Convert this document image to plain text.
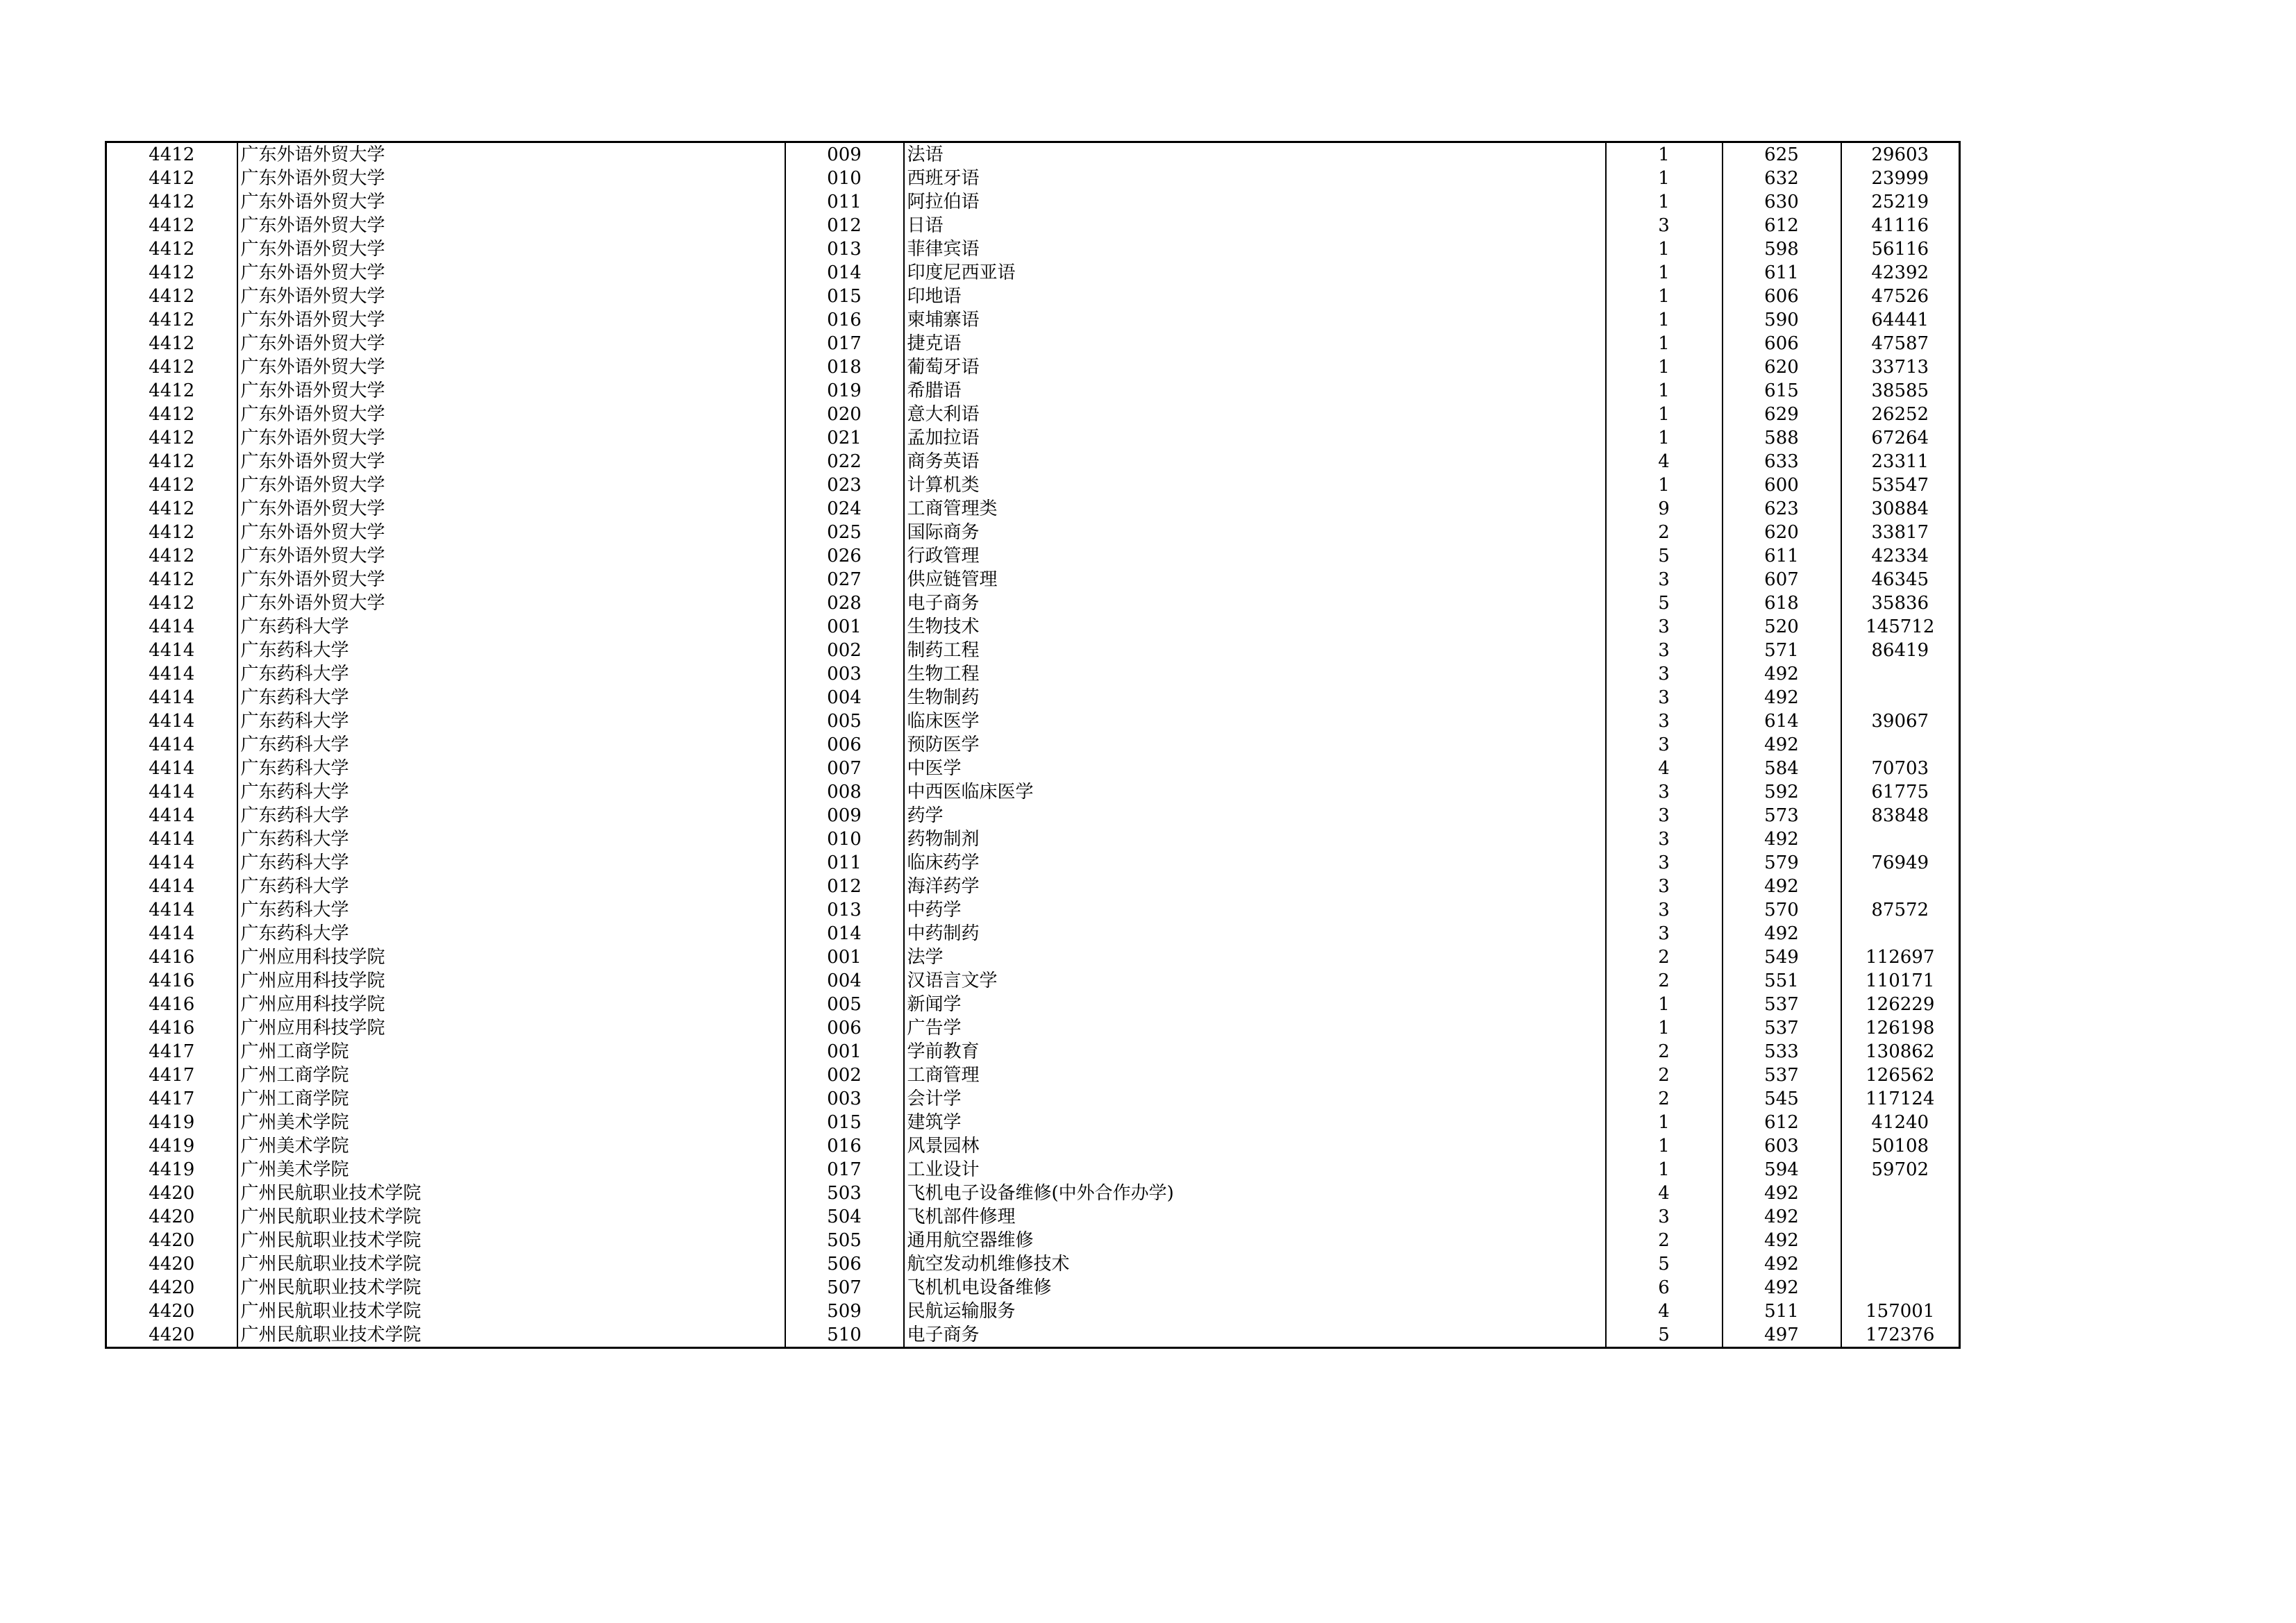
4412	广东外语外贸大学	009	法语	1	625	29603
4412	广东外语外贸大学	010	西班牙语	1	632	23999
4412	广东外语外贸大学	011	阿拉伯语	1	630	25219
4412	广东外语外贸大学	012	日语	3	612	41116
4412	广东外语外贸大学	013	菲律宾语	1	598	56116
4412	广东外语外贸大学	014	印度尼西亚语	1	611	42392
4412	广东外语外贸大学	015	印地语	1	606	47526
4412	广东外语外贸大学	016	柬埔寨语	1	590	64441
4412	广东外语外贸大学	017	捷克语	1	606	47587
4412	广东外语外贸大学	018	葡萄牙语	1	620	33713
4412	广东外语外贸大学	019	希腊语	1	615	38585
4412	广东外语外贸大学	020	意大利语	1	629	26252
4412	广东外语外贸大学	021	孟加拉语	1	588	67264
4412	广东外语外贸大学	022	商务英语	4	633	23311
4412	广东外语外贸大学	023	计算机类	1	600	53547
4412	广东外语外贸大学	024	工商管理类	9	623	30884
4412	广东外语外贸大学	025	国际商务	2	620	33817
4412	广东外语外贸大学	026	行政管理	5	611	42334
4412	广东外语外贸大学	027	供应链管理	3	607	46345
4412	广东外语外贸大学	028	电子商务	5	618	35836
4414	广东药科大学	001	生物技术	3	520	145712
4414	广东药科大学	002	制药工程	3	571	86419
4414	广东药科大学	003	生物工程	3	492	
4414	广东药科大学	004	生物制药	3	492	
4414	广东药科大学	005	临床医学	3	614	39067
4414	广东药科大学	006	预防医学	3	492	
4414	广东药科大学	007	中医学	4	584	70703
4414	广东药科大学	008	中西医临床医学	3	592	61775
4414	广东药科大学	009	药学	3	573	83848
4414	广东药科大学	010	药物制剂	3	492	
4414	广东药科大学	011	临床药学	3	579	76949
4414	广东药科大学	012	海洋药学	3	492	
4414	广东药科大学	013	中药学	3	570	87572
4414	广东药科大学	014	中药制药	3	492	
4416	广州应用科技学院	001	法学	2	549	112697
4416	广州应用科技学院	004	汉语言文学	2	551	110171
4416	广州应用科技学院	005	新闻学	1	537	126229
4416	广州应用科技学院	006	广告学	1	537	126198
4417	广州工商学院	001	学前教育	2	533	130862
4417	广州工商学院	002	工商管理	2	537	126562
4417	广州工商学院	003	会计学	2	545	117124
4419	广州美术学院	015	建筑学	1	612	41240
4419	广州美术学院	016	风景园林	1	603	50108
4419	广州美术学院	017	工业设计	1	594	59702
4420	广州民航职业技术学院	503	飞机电子设备维修(中外合作办学)	4	492	
4420	广州民航职业技术学院	504	飞机部件修理	3	492	
4420	广州民航职业技术学院	505	通用航空器维修	2	492	
4420	广州民航职业技术学院	506	航空发动机维修技术	5	492	
4420	广州民航职业技术学院	507	飞机机电设备维修	6	492	
4420	广州民航职业技术学院	509	民航运输服务	4	511	157001
4420	广州民航职业技术学院	510	电子商务	5	497	172376
